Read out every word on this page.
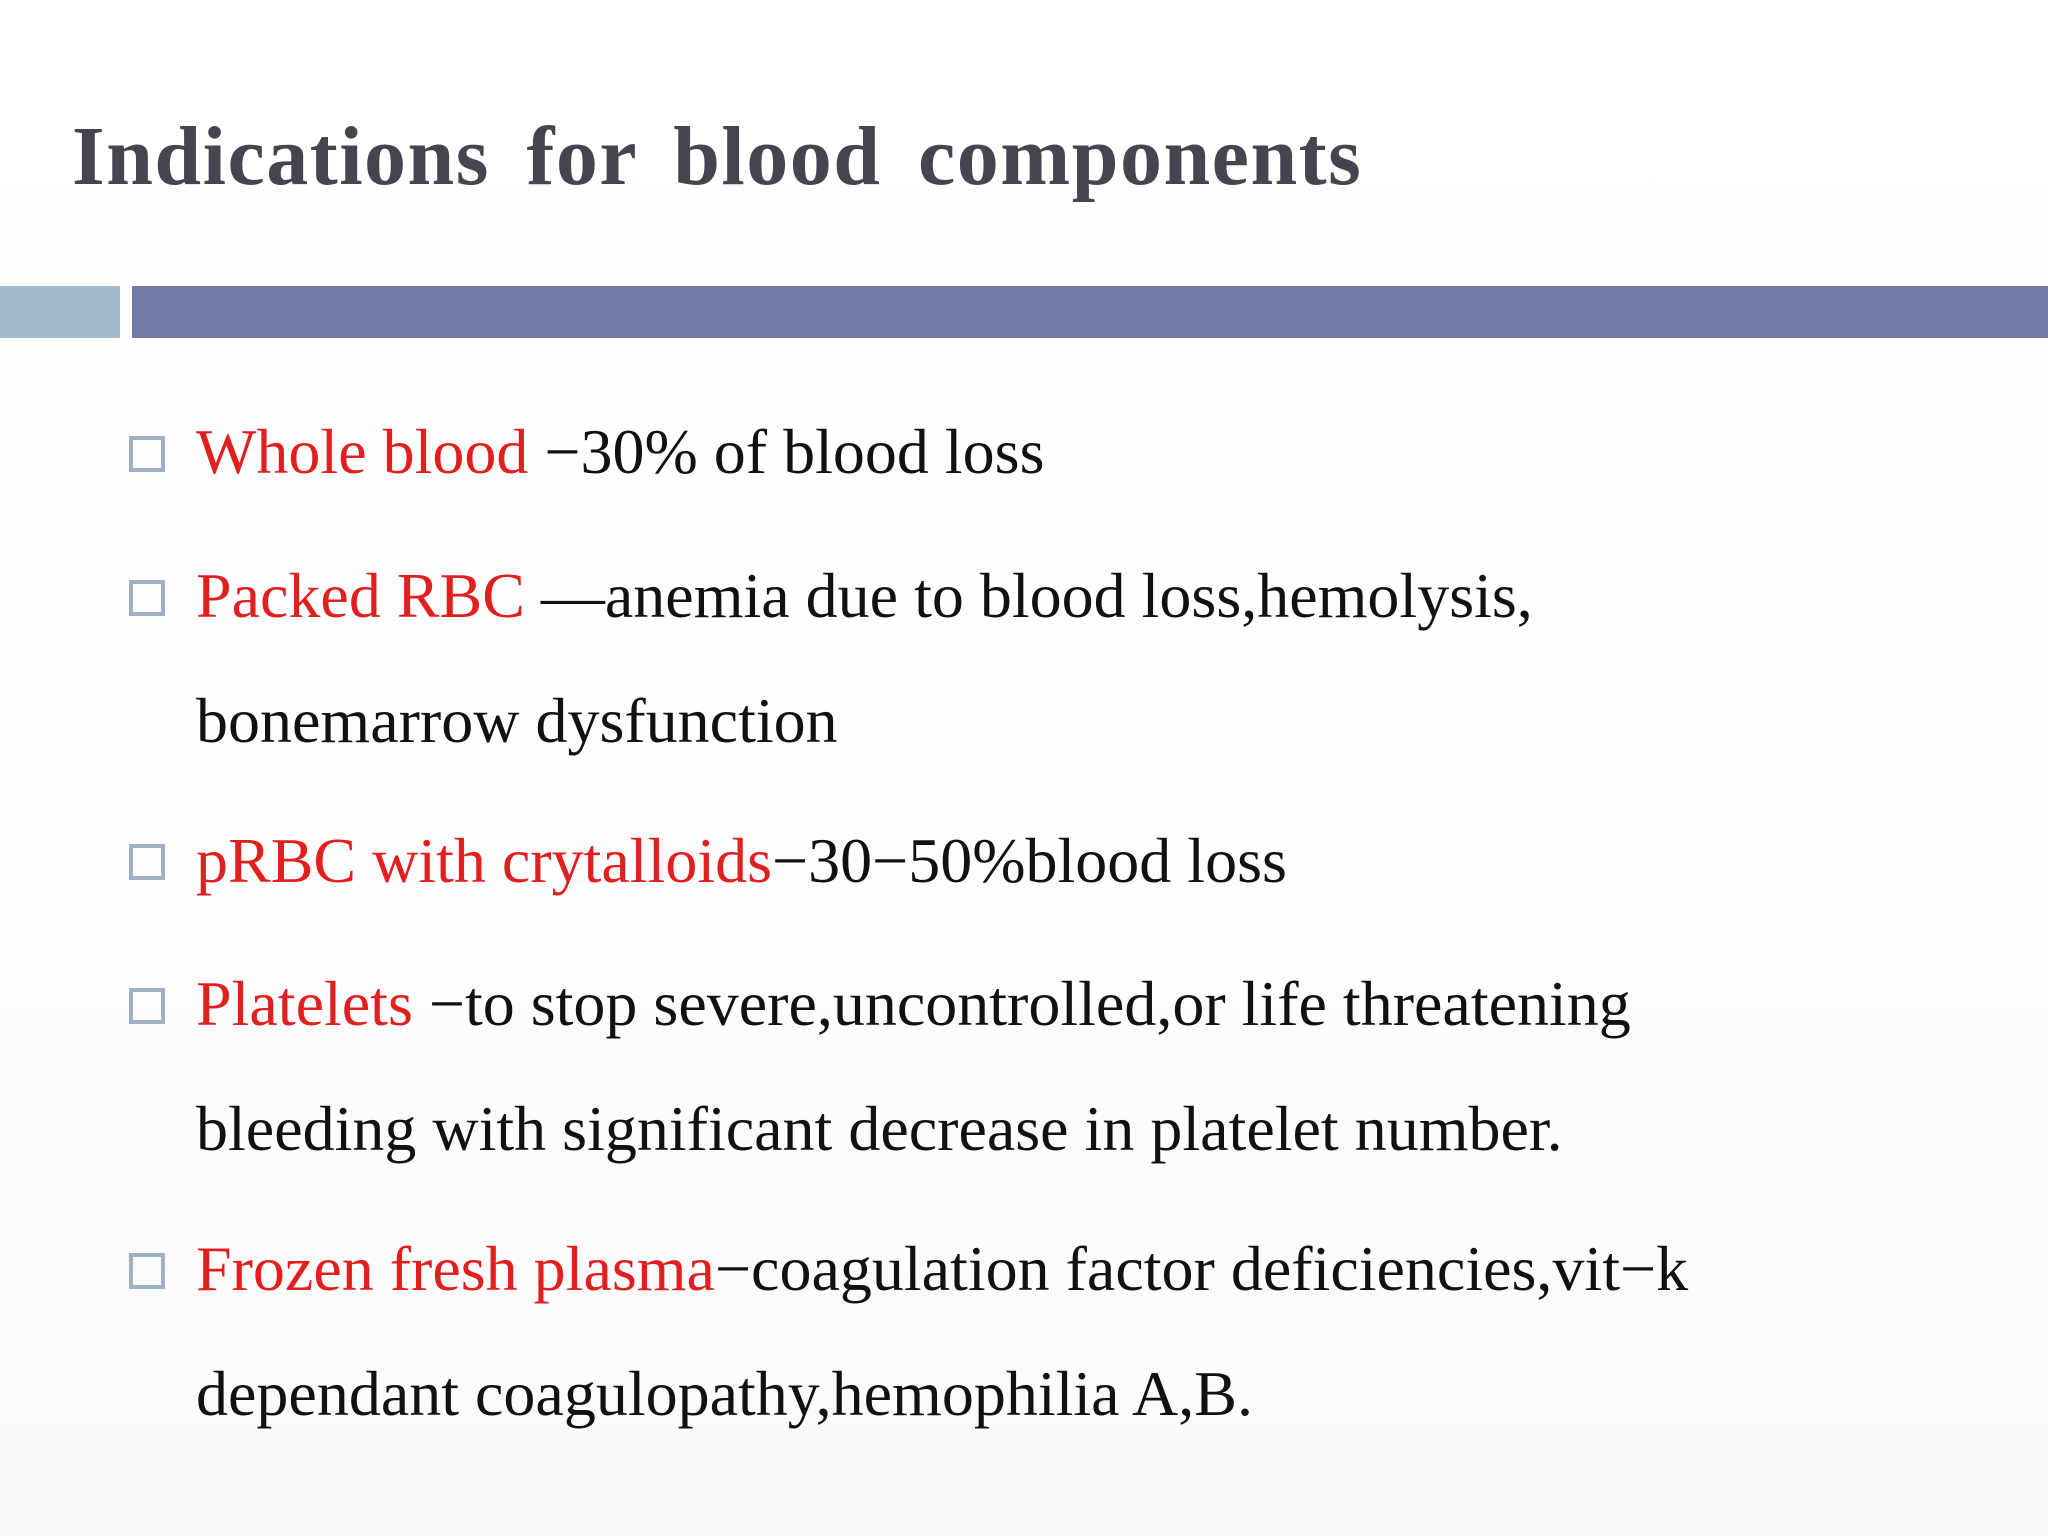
Indications for blood components
Whole blood −30% of blood loss
Packed RBC —anemia due to blood loss,hemolysis,
bonemarrow dysfunction
pRBC with crytalloids−30−50%blood loss
Platelets −to stop severe,uncontrolled,or life threatening
bleeding with significant decrease in platelet number.
Frozen fresh plasma−coagulation factor deficiencies,vit−k
dependant coagulopathy,hemophilia A,B.
